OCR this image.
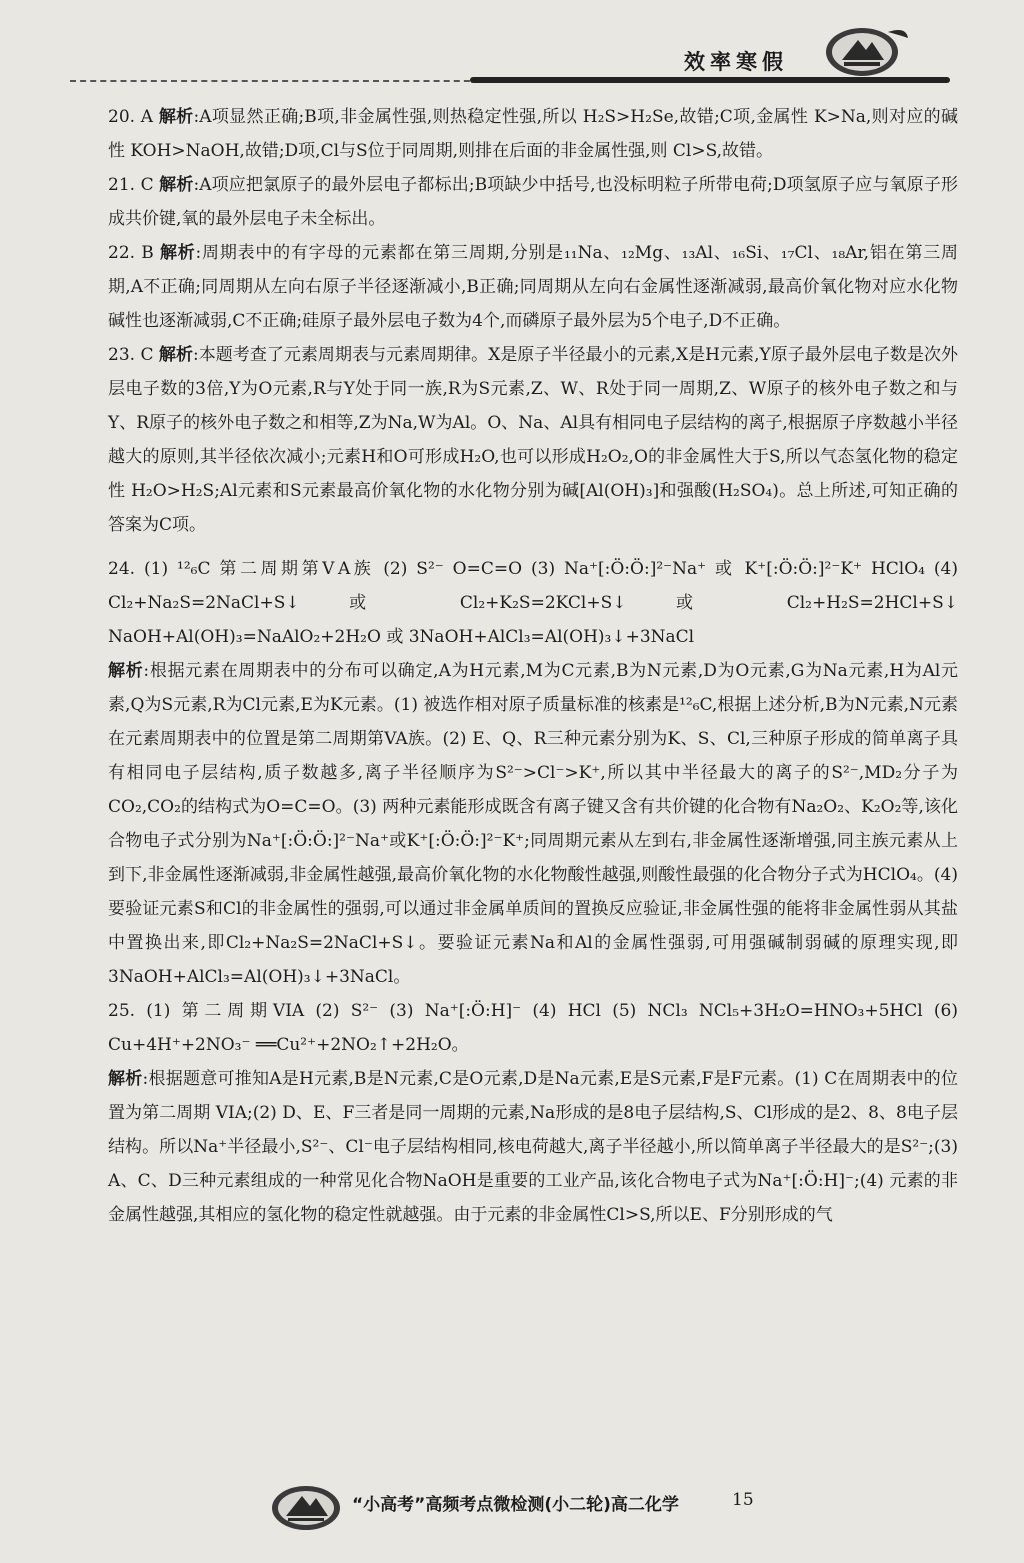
效率寒假

20. A 解析:A项显然正确;B项,非金属性强,则热稳定性强,所以 H₂S>H₂Se,故错;C项,金属性 K>Na,则对应的碱性 KOH>NaOH,故错;D项,Cl与S位于同周期,则排在后面的非金属性强,则 Cl>S,故错。

21. C 解析:A项应把氯原子的最外层电子都标出;B项缺少中括号,也没标明粒子所带电荷;D项氢原子应与氧原子形成共价键,氧的最外层电子未全标出。

22. B 解析:周期表中的有字母的元素都在第三周期,分别是₁₁Na、₁₂Mg、₁₃Al、₁₆Si、₁₇Cl、₁₈Ar,铝在第三周期,A不正确;同周期从左向右原子半径逐渐减小,B正确;同周期从左向右金属性逐渐减弱,最高价氧化物对应水化物碱性也逐渐减弱,C不正确;硅原子最外层电子数为4个,而磷原子最外层为5个电子,D不正确。

23. C 解析:本题考查了元素周期表与元素周期律。X是原子半径最小的元素,X是H元素,Y原子最外层电子数是次外层电子数的3倍,Y为O元素,R与Y处于同一族,R为S元素,Z、W、R处于同一周期,Z、W原子的核外电子数之和与Y、R原子的核外电子数之和相等,Z为Na,W为Al。O、Na、Al具有相同电子层结构的离子,根据原子序数越小半径越大的原则,其半径依次减小;元素H和O可形成H₂O,也可以形成H₂O₂,O的非金属性大于S,所以气态氢化物的稳定性 H₂O>H₂S;Al元素和S元素最高价氧化物的水化物分别为碱[Al(OH)₃]和强酸(H₂SO₄)。总上所述,可知正确的答案为C项。

24. (1) ¹²₆C 第二周期第ⅤA族 (2) S²⁻ O=C=O (3) Na⁺[:Ö:Ö:]²⁻Na⁺ 或 K⁺[:Ö:Ö:]²⁻K⁺ HClO₄ (4) Cl₂+Na₂S=2NaCl+S↓ 或 Cl₂+K₂S=2KCl+S↓ 或 Cl₂+H₂S=2HCl+S↓ NaOH+Al(OH)₃=NaAlO₂+2H₂O 或 3NaOH+AlCl₃=Al(OH)₃↓+3NaCl

解析:根据元素在周期表中的分布可以确定,A为H元素,M为C元素,B为N元素,D为O元素,G为Na元素,H为Al元素,Q为S元素,R为Cl元素,E为K元素。(1) 被选作相对原子质量标准的核素是¹²₆C,根据上述分析,B为N元素,N元素在元素周期表中的位置是第二周期第VA族。(2) E、Q、R三种元素分别为K、S、Cl,三种原子形成的简单离子具有相同电子层结构,质子数越多,离子半径顺序为S²⁻>Cl⁻>K⁺,所以其中半径最大的离子的S²⁻,MD₂分子为CO₂,CO₂的结构式为O=C=O。(3) 两种元素能形成既含有离子键又含有共价键的化合物有Na₂O₂、K₂O₂等,该化合物电子式分别为Na⁺[:Ö:Ö:]²⁻Na⁺或K⁺[:Ö:Ö:]²⁻K⁺;同周期元素从左到右,非金属性逐渐增强,同主族元素从上到下,非金属性逐渐减弱,非金属性越强,最高价氧化物的水化物酸性越强,则酸性最强的化合物分子式为HClO₄。(4) 要验证元素S和Cl的非金属性的强弱,可以通过非金属单质间的置换反应验证,非金属性强的能将非金属性弱从其盐中置换出来,即Cl₂+Na₂S=2NaCl+S↓。要验证元素Na和Al的金属性强弱,可用强碱制弱碱的原理实现,即3NaOH+AlCl₃=Al(OH)₃↓+3NaCl。

25. (1) 第二周期VIA (2) S²⁻ (3) Na⁺[:Ö:H]⁻ (4) HCl (5) NCl₃ NCl₅+3H₂O=HNO₃+5HCl (6) Cu+4H⁺+2NO₃⁻ ══Cu²⁺+2NO₂↑+2H₂O。

解析:根据题意可推知A是H元素,B是N元素,C是O元素,D是Na元素,E是S元素,F是F元素。(1) C在周期表中的位置为第二周期 VIA;(2) D、E、F三者是同一周期的元素,Na形成的是8电子层结构,S、Cl形成的是2、8、8电子层结构。所以Na⁺半径最小,S²⁻、Cl⁻电子层结构相同,核电荷越大,离子半径越小,所以简单离子半径最大的是S²⁻;(3) A、C、D三种元素组成的一种常见化合物NaOH是重要的工业产品,该化合物电子式为Na⁺[:Ö:H]⁻;(4) 元素的非金属性越强,其相应的氢化物的稳定性就越强。由于元素的非金属性Cl>S,所以E、F分别形成的气

“小高考”高频考点微检测(小二轮)高二化学	15
